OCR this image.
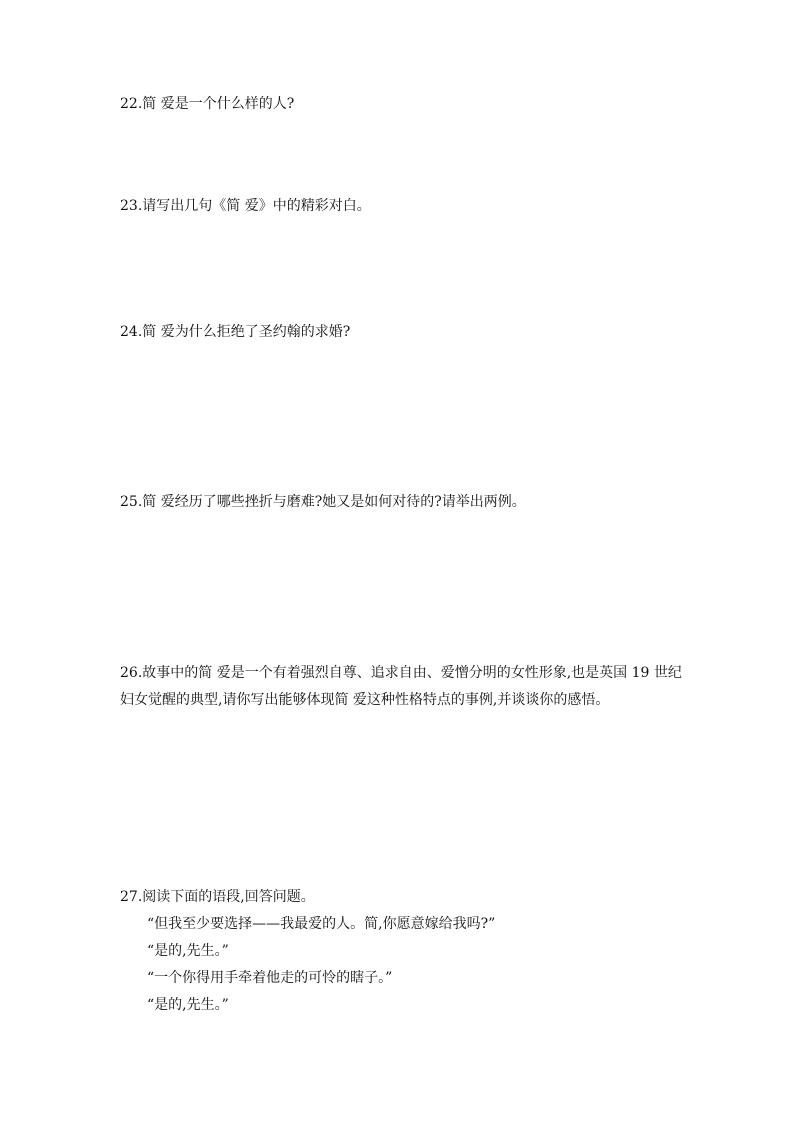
22.简 爱是一个什么样的人?
23.请写出几句《简 爱》中的精彩对白。
24.简 爱为什么拒绝了圣约翰的求婚?
25.简 爱经历了哪些挫折与磨难?她又是如何对待的?请举出两例。
26.故事中的简 爱是一个有着强烈自尊、追求自由、爱憎分明的女性形象,也是英国 19 世纪
妇女觉醒的典型,请你写出能够体现简 爱这种性格特点的事例,并谈谈你的感悟。
27.阅读下面的语段,回答问题。
“但我至少要选择——我最爱的人。简,你愿意嫁给我吗?”
“是的,先生。”
“一个你得用手牵着他走的可怜的瞎子。”
“是的,先生。”
